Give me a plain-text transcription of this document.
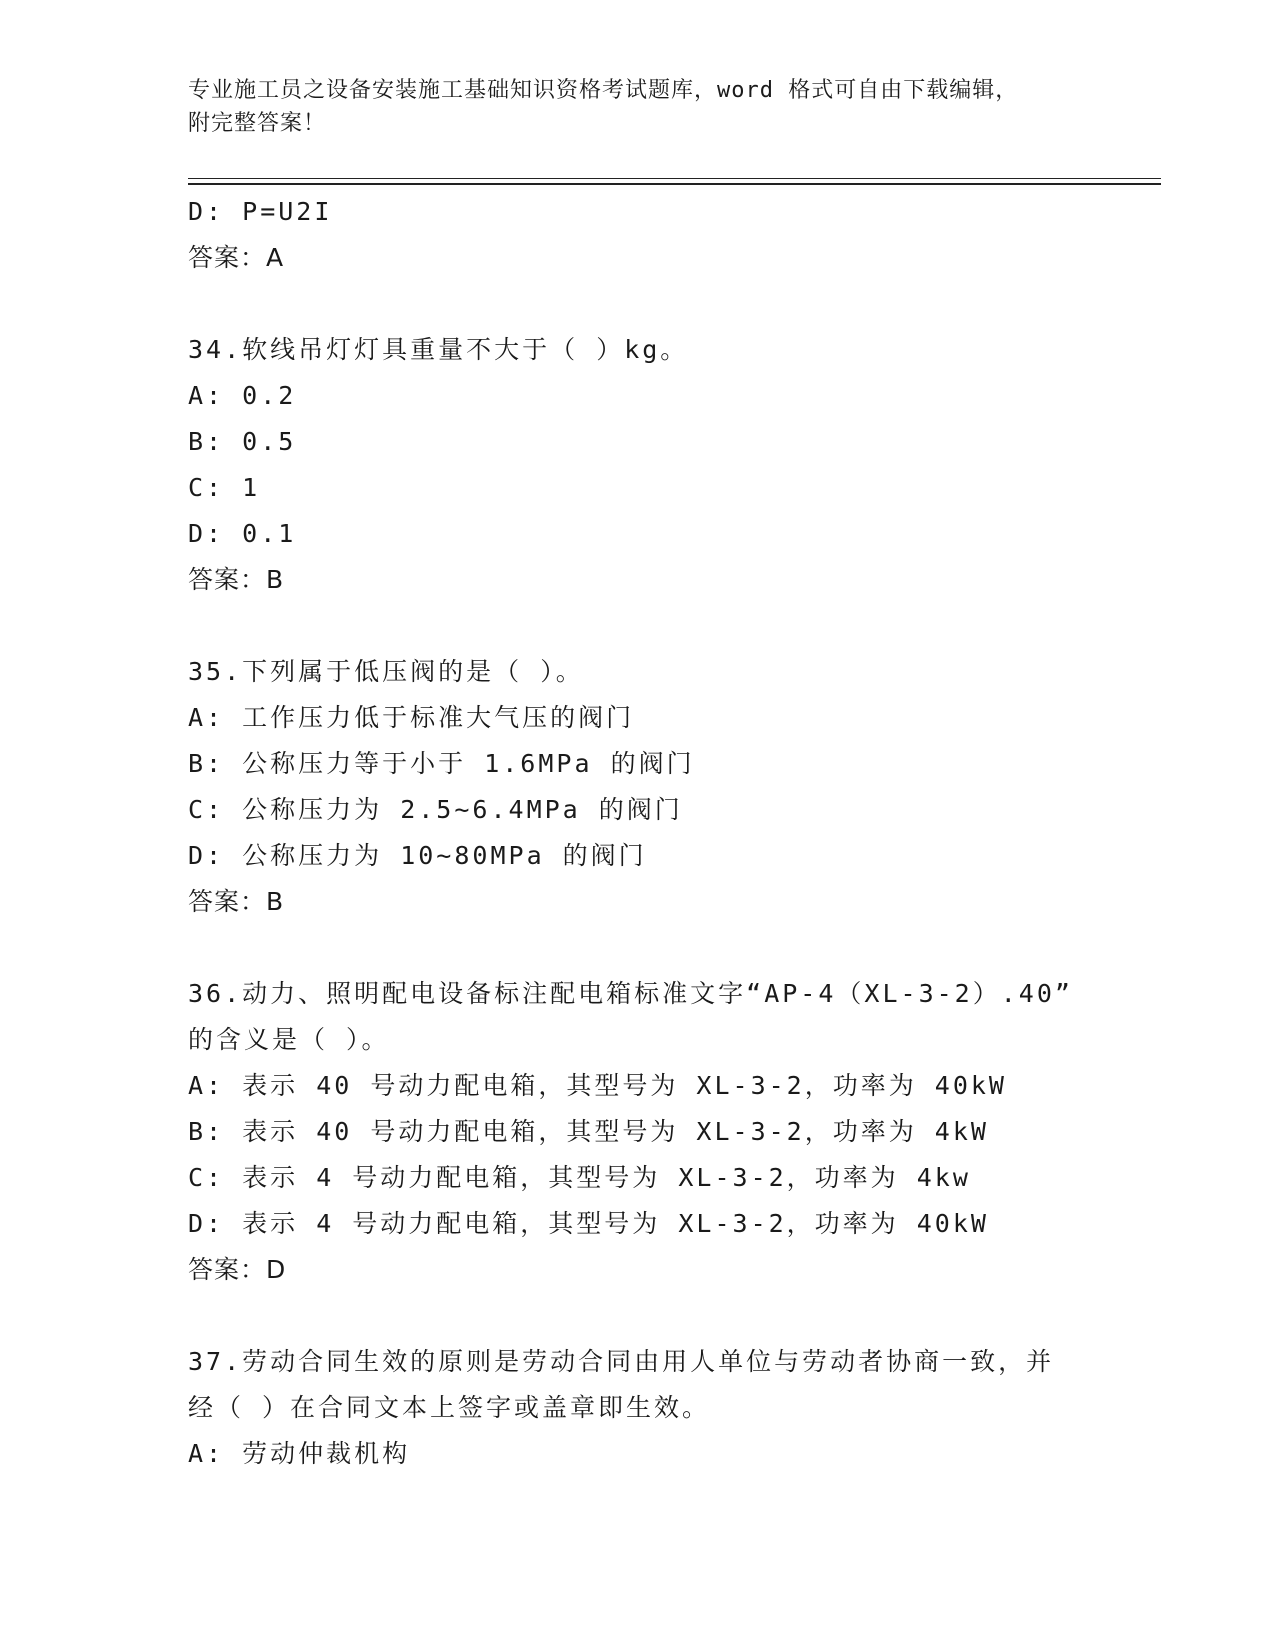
专业施工员之设备安装施工基础知识资格考试题库，word 格式可自由下载编辑，
附完整答案！
D: P=U2I
答案：A
34.软线吊灯灯具重量不大于（ ）kg。
A: 0.2
B: 0.5
C: 1
D: 0.1
答案：B
35.下列属于低压阀的是（ ）。
A: 工作压力低于标准大气压的阀门
B: 公称压力等于小于 1.6MPa 的阀门
C: 公称压力为 2.5~6.4MPa 的阀门
D: 公称压力为 10~80MPa 的阀门
答案：B
36.动力、照明配电设备标注配电箱标准文字“AP-4（XL-3-2）.40”
的含义是（ ）。
A: 表示 40 号动力配电箱，其型号为 XL-3-2，功率为 40kW
B: 表示 40 号动力配电箱，其型号为 XL-3-2，功率为 4kW
C: 表示 4 号动力配电箱，其型号为 XL-3-2，功率为 4kw
D: 表示 4 号动力配电箱，其型号为 XL-3-2，功率为 40kW
答案：D
37.劳动合同生效的原则是劳动合同由用人单位与劳动者协商一致，并
经（ ）在合同文本上签字或盖章即生效。
A: 劳动仲裁机构
